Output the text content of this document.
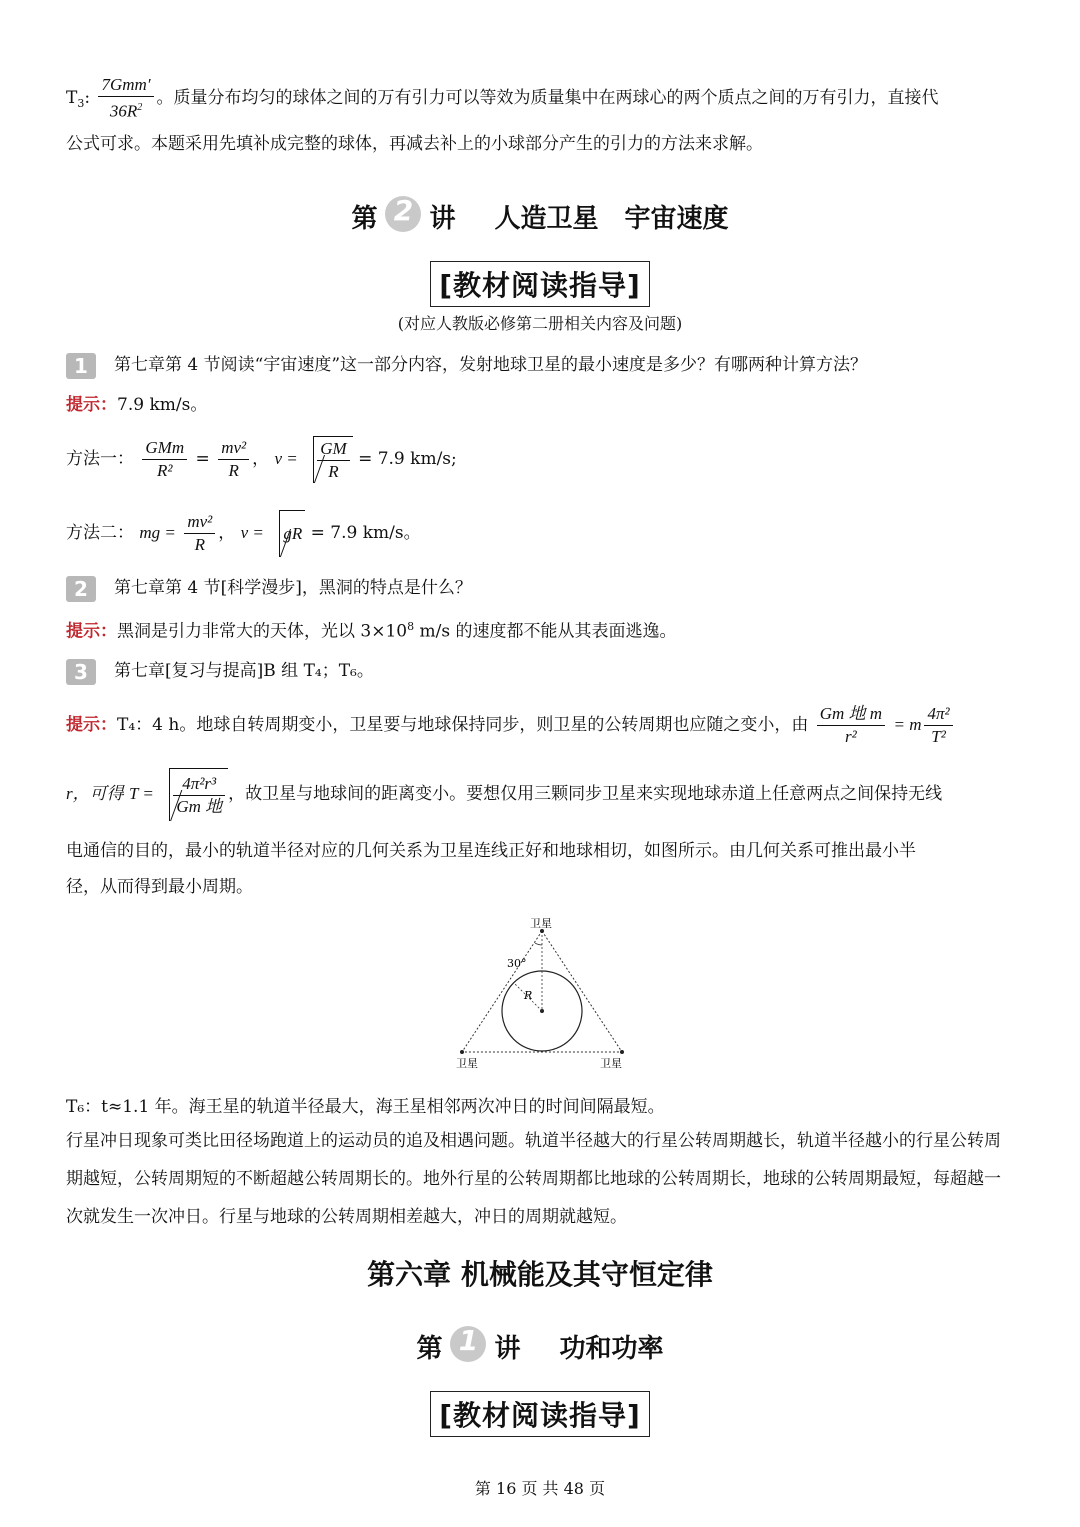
$T_3$: $\frac{\text{7Gmm′}}{36R^2}$ 。质量分布均匀的球体之间的万有引力可以等效为质量集中在两球心的两个质点之间的万有引力，直接代
公式可求。本题采用先填补成完整的球体，再减去补上的小球部分产生的引力的方法来求解。
第 2 讲 人造卫星　宇宙速度
[教材阅读指导]
(对应人教版必修第二册相关内容及问题)
1 第七章第 4 节阅读“宇宙速度”这一部分内容，发射地球卫星的最小速度是多少？有哪两种计算方法？
提示：7.9 km/s。
方法一： $\frac{\text{GMm}}{\text{R²}} = \frac{\text{mv²}}{R}$ ， $v = \frac{GM}{R} = 7.9$ km/s;
方法二： mg = $\frac{\text{mv²}}{R}$ ， v = gR = 7.9 km/s。
2 第七章第 4 节[科学漫步]，黑洞的特点是什么？
提示：黑洞是引力非常大的天体，光以 $3\times 10^8$ m/s 的速度都不能从其表面逃逸。
3 第七章[复习与提高]B 组 T₄；T₆。
提示：T₄：4 h。地球自转周期变小，卫星要与地球保持同步，则卫星的公转周期也应随之变小，由 $\frac{\text{Gm 地 m}}{\text{r²}} = m \frac{\text{4π²}}{\text{T²}}$
r，可得 $T = \frac{\text{4π²r³}}{\text{Gm 地}}$ ，故卫星与地球间的距离变小。要想仅用三颗同步卫星来实现地球赤道上任意两点之间保持无线
电通信的目的，最小的轨道半径对应的几何关系为卫星连线正好和地球相切，如图所示。由几何关系可推出最小半
径，从而得到最小周期。
卫星
卫星	卫星
30°
R
T₆：t≈1.1 年。海王星的轨道半径最大，海王星相邻两次冲日的时间间隔最短。
行星冲日现象可类比田径场跑道上的运动员的追及相遇问题。轨道半径越大的行星公转周期越长，轨道半径越小的行星公转周期越短，公转周期短的不断超越公转周期长的。地外行星的公转周期都比地球的公转周期长，地球的公转周期最短，每超越一次就发生一次冲日。行星与地球的公转周期相差越大，冲日的周期就越短。
第六章 机械能及其守恒定律
第 1 讲 功和功率
[教材阅读指导]
第 16 页 共 48 页
